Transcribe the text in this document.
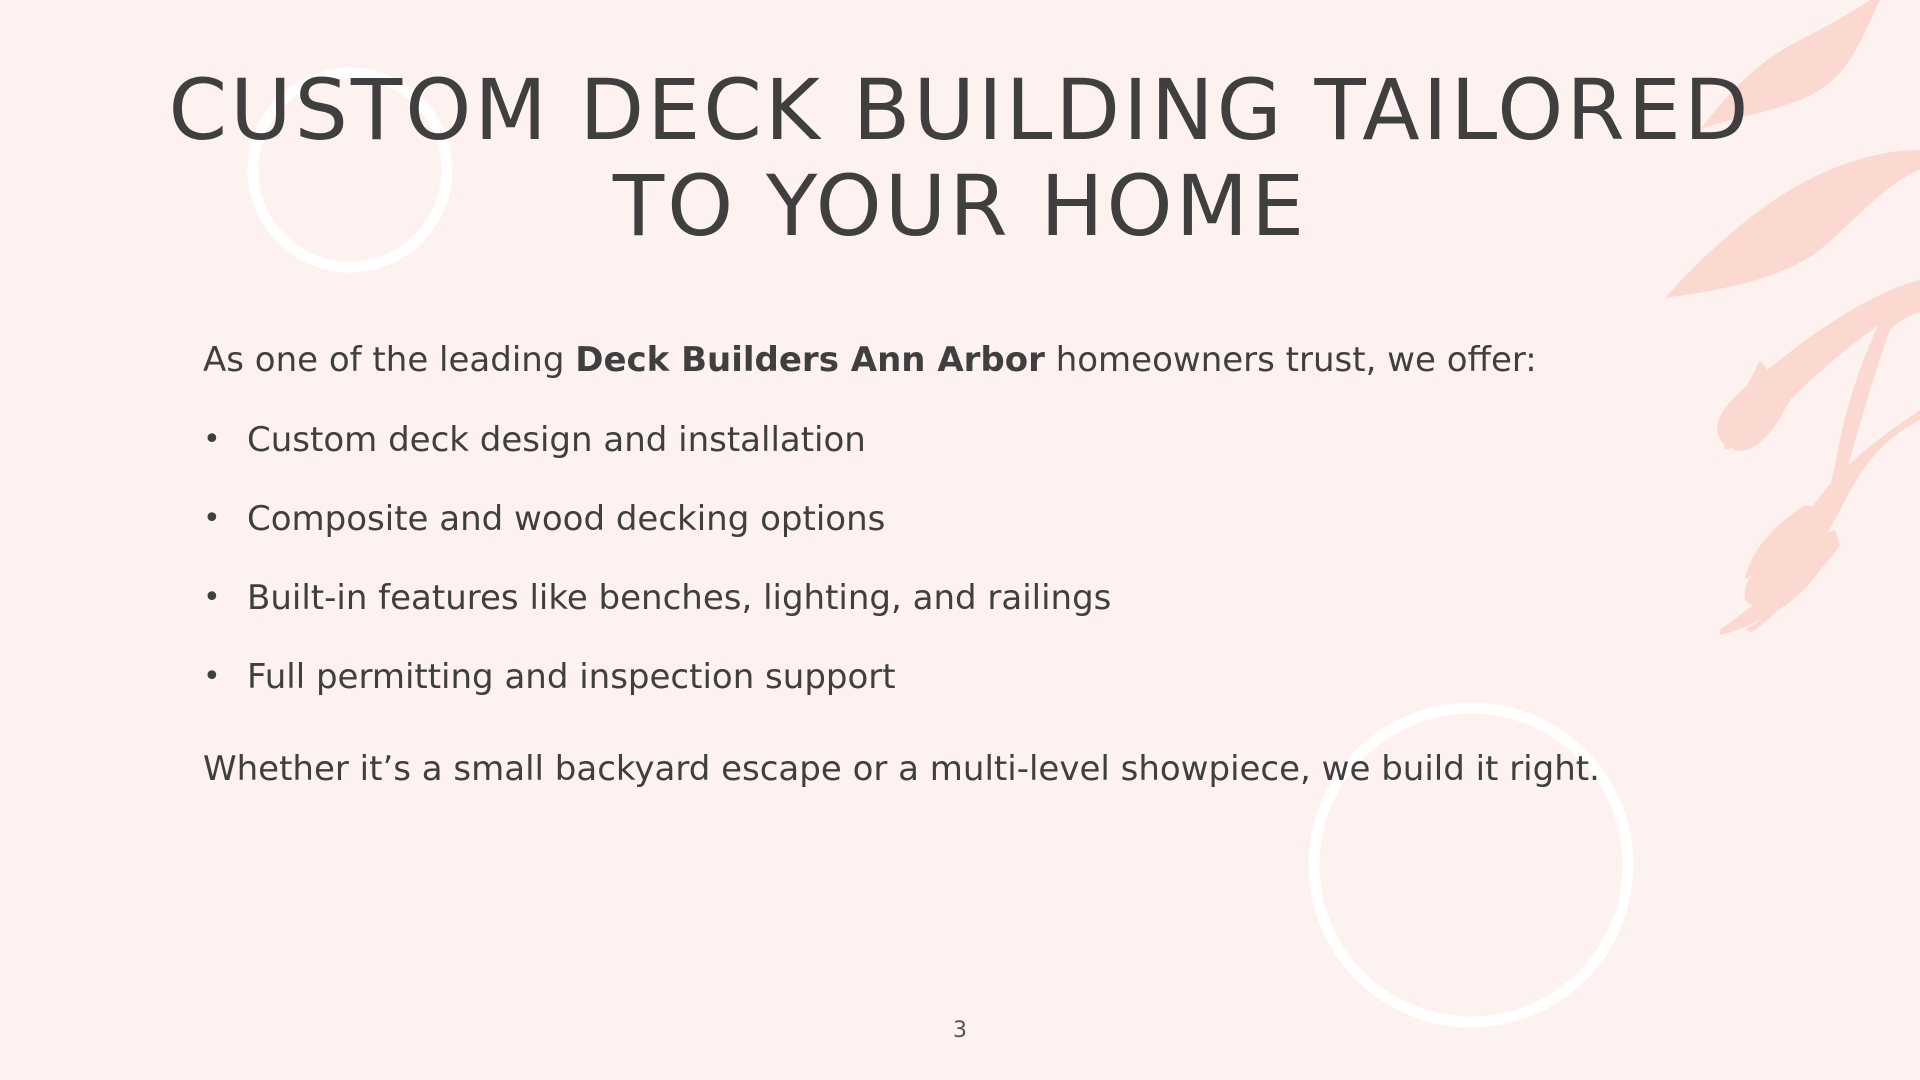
CUSTOM DECK BUILDING TAILORED TO YOUR HOME

As one of the leading Deck Builders Ann Arbor homeowners trust, we offer:

• Custom deck design and installation
• Composite and wood decking options
• Built-in features like benches, lighting, and railings
• Full permitting and inspection support

Whether it’s a small backyard escape or a multi-level showpiece, we build it right.

3
